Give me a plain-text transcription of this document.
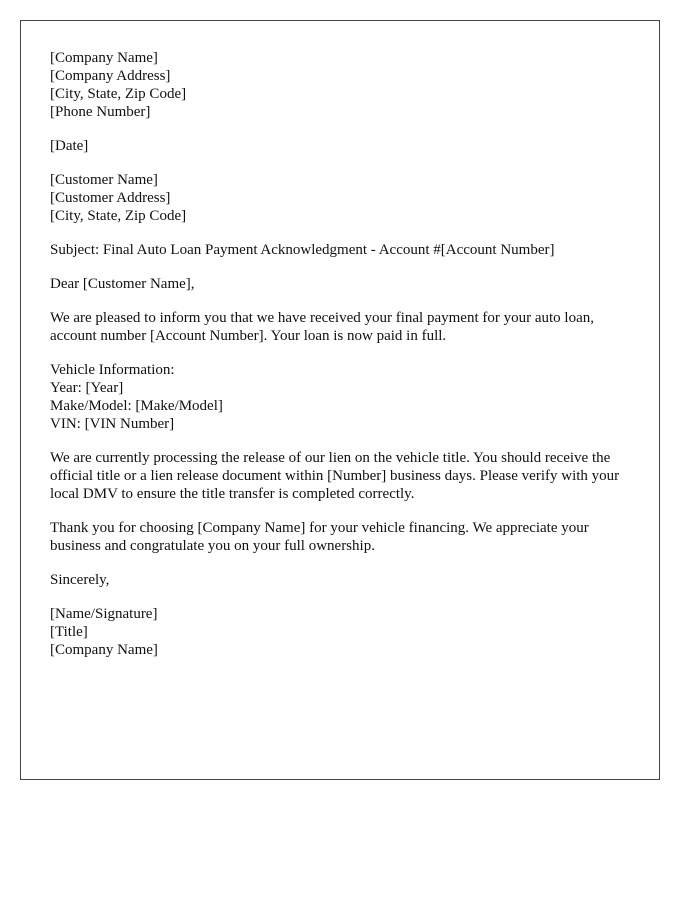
[Company Name]
[Company Address]
[City, State, Zip Code]
[Phone Number]
[Date]
[Customer Name]
[Customer Address]
[City, State, Zip Code]
Subject: Final Auto Loan Payment Acknowledgment - Account #[Account Number]
Dear [Customer Name],

We are pleased to inform you that we have received your final payment for your auto loan, account number [Account Number]. Your loan is now paid in full.

Vehicle Information:
Year: [Year]
Make/Model: [Make/Model]
VIN: [VIN Number]

We are currently processing the release of our lien on the vehicle title. You should receive the official title or a lien release document within [Number] business days. Please verify with your local DMV to ensure the title transfer is completed correctly.

Thank you for choosing [Company Name] for your vehicle financing. We appreciate your business and congratulate you on your full ownership.

Sincerely,
[Name/Signature]
[Title]
[Company Name]
